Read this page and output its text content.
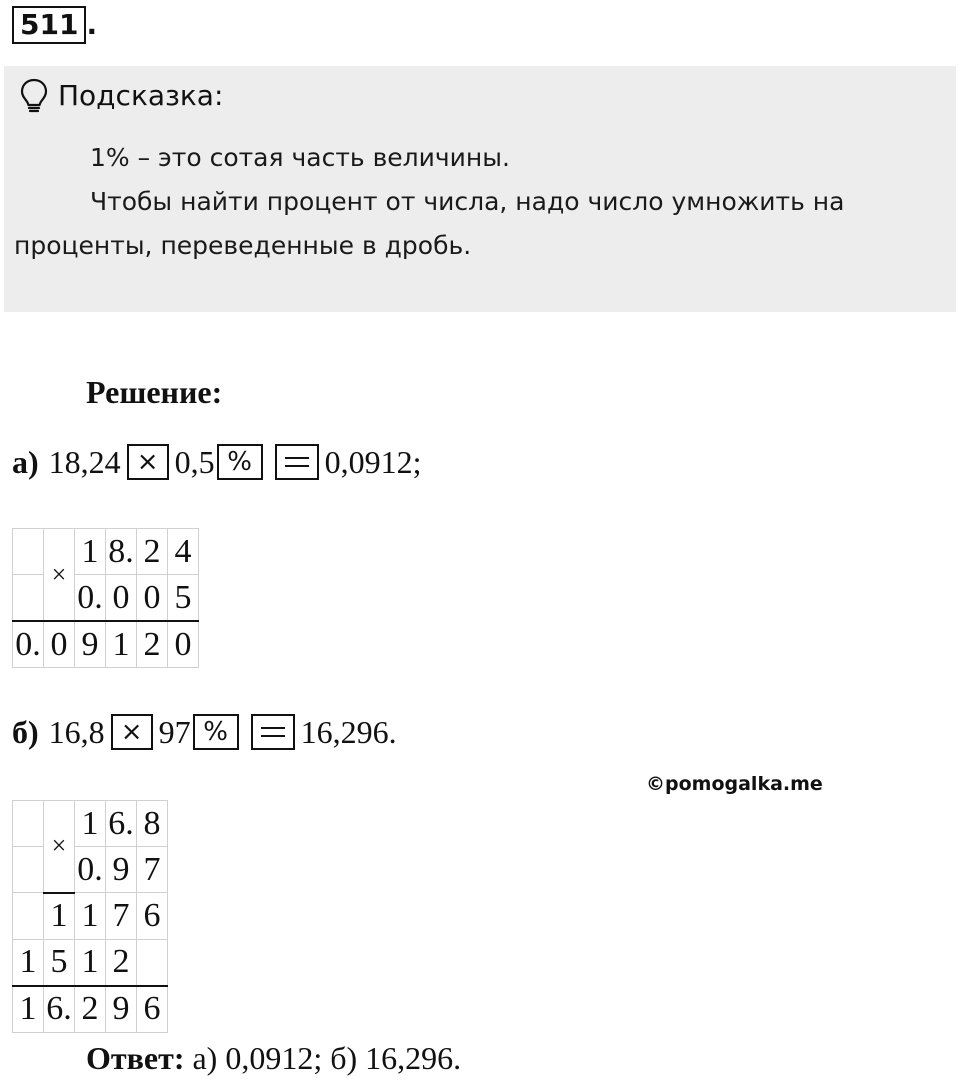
511 .
Подсказка:

1% – это сотая часть величины.

Чтобы найти процент от числа, надо число умножить на проценты, переведенные в дробь.

Решение:
а) 18,24 × 0,5 % 0,0912;
	×	1	8.	2	4
		0.	0	0	5
0.	0	9	1	2	0
б) 16,8 × 97 % 16,296.
©pomogalka.me
	×	1	6.	8
		0.	9	7
	1	1	7	6
1	5	1	2	
1	6.	2	9	6
Ответ: а) 0,0912; б) 16,296.
